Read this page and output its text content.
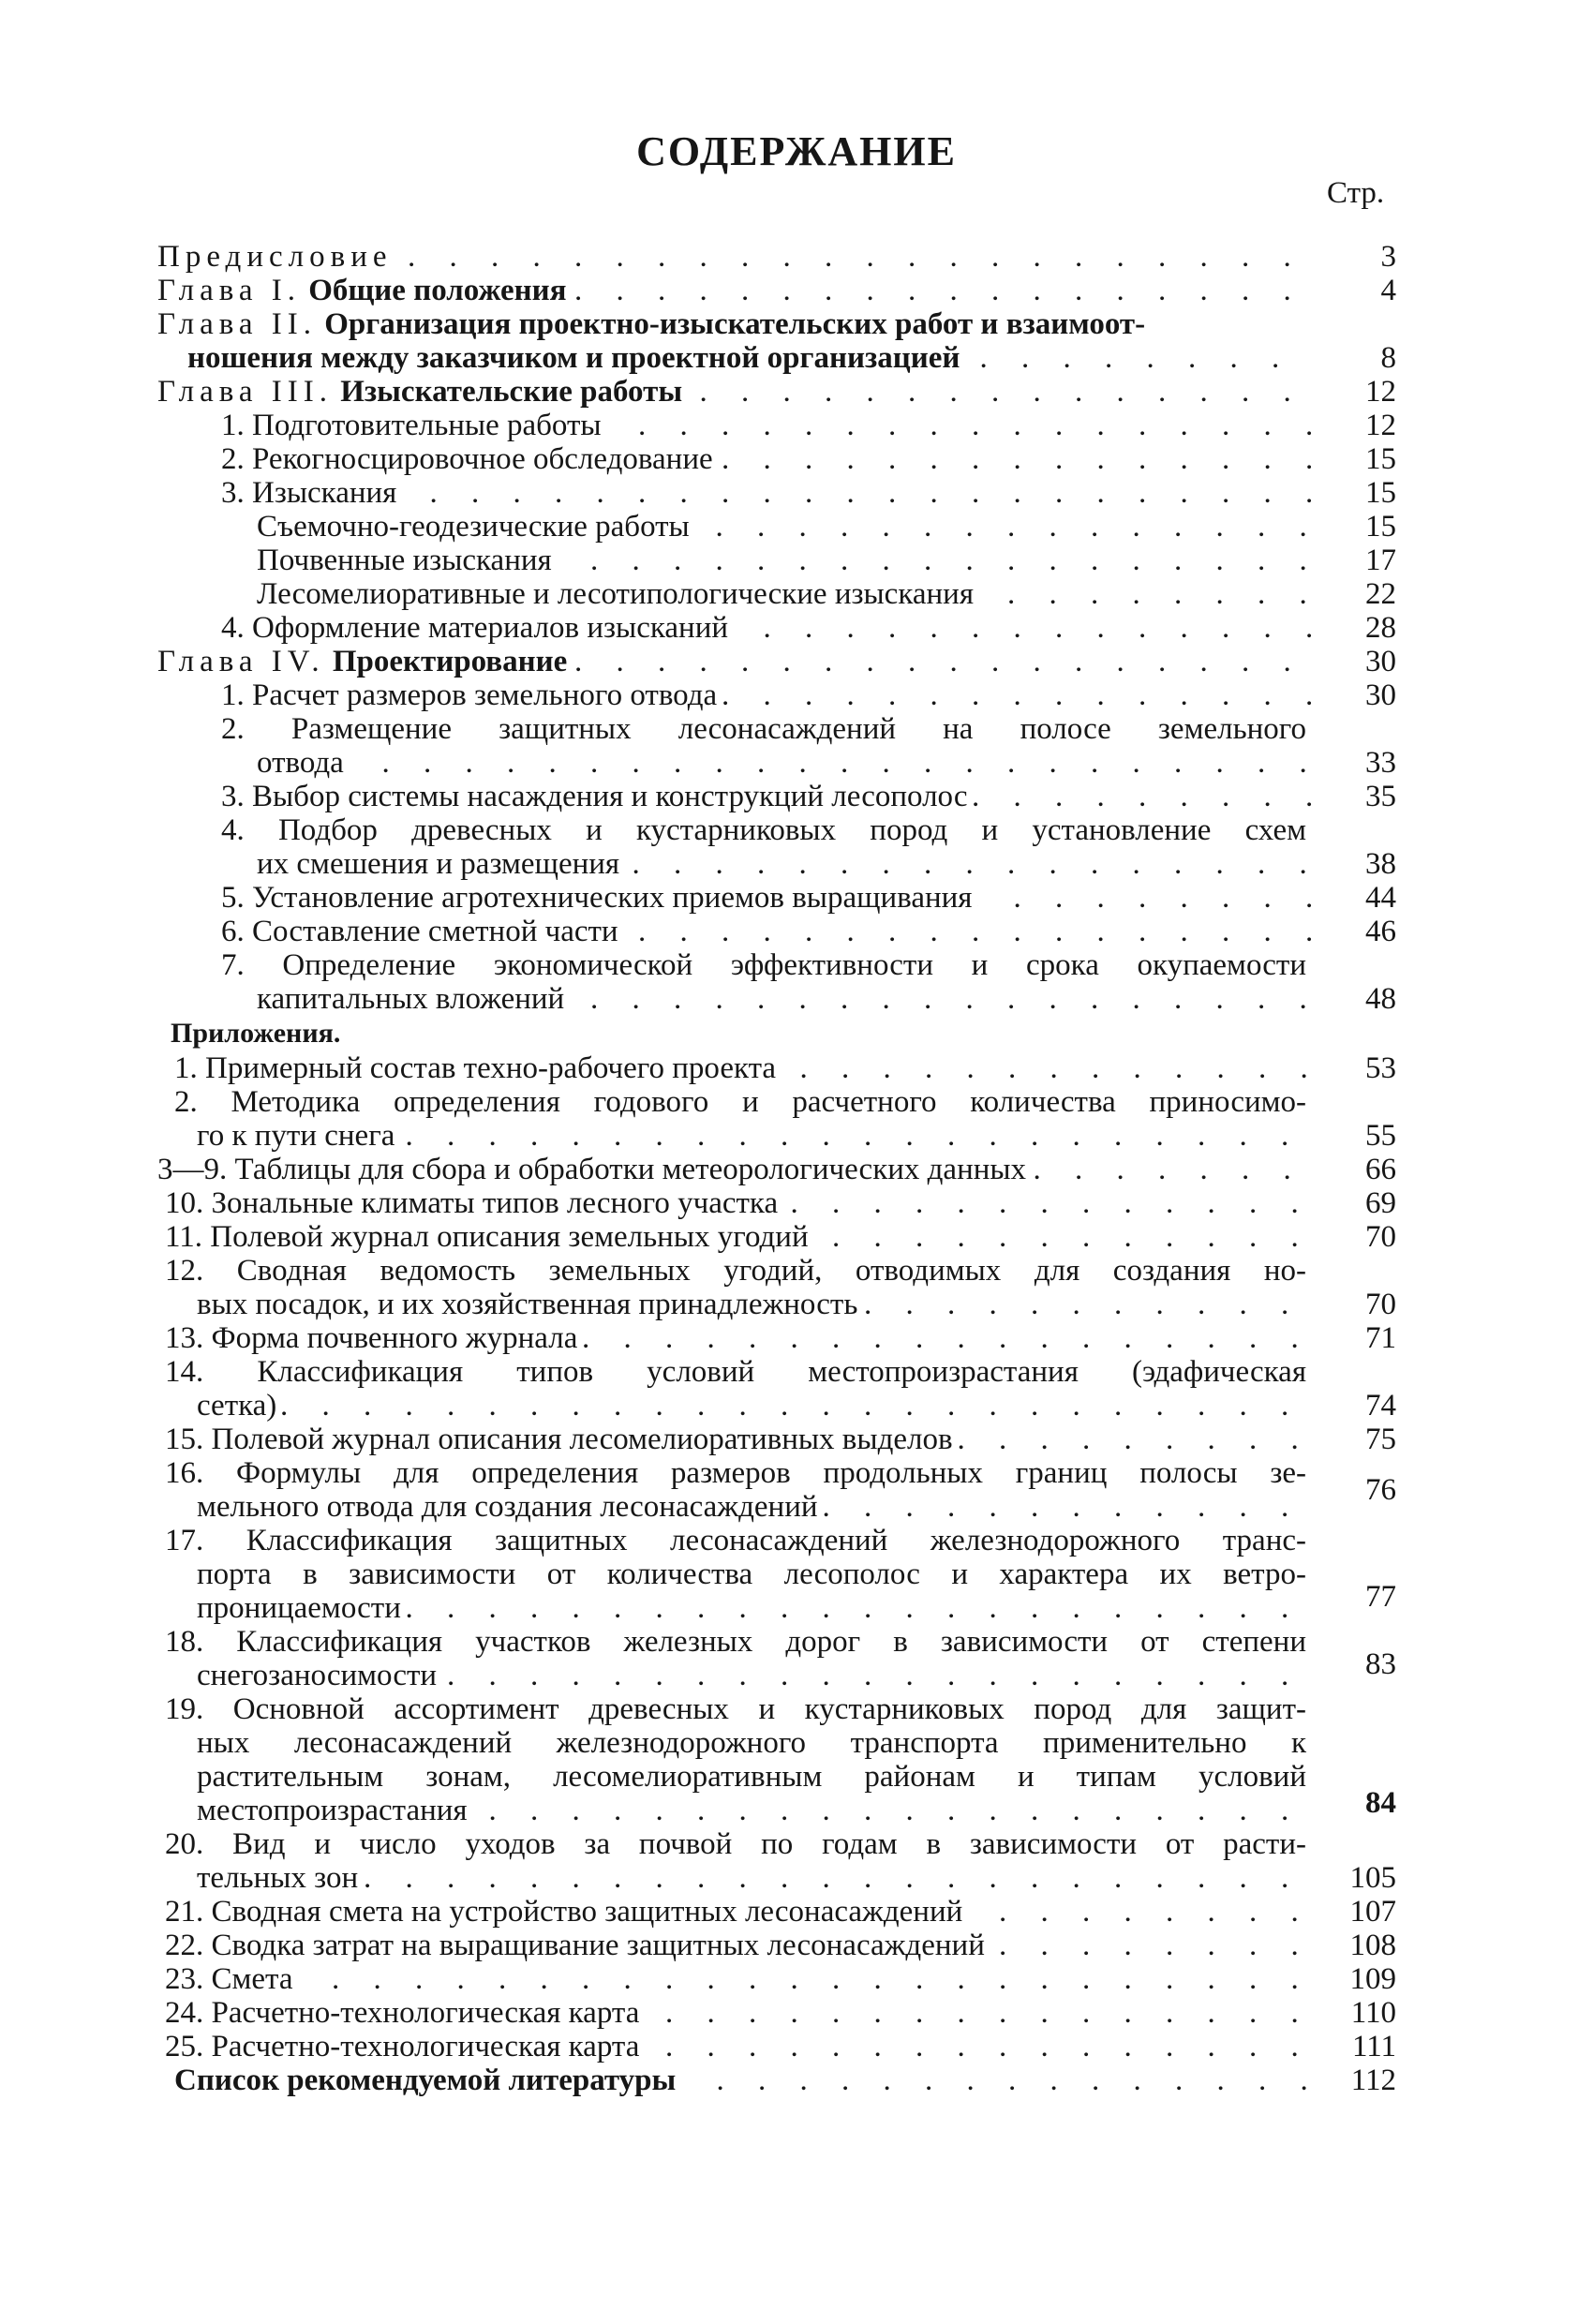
СОДЕРЖАНИЕ
Стр.
Предисловие . . .	3
Глава I. Общие положения . . .	4
Глава II. Организация проектно-изыскательских работ и взаимоот-
ношения между заказчиком и проектной организацией . . .	8
Глава III. Изыскательские работы . . .	12
1. Подготовительные работы . . .	12
2. Рекогносцировочное обследование . . .	15
3. Изыскания . . .	15
Съемочно-геодезические работы . . .	15
Почвенные изыскания . . .	17
Лесомелиоративные и лесотипологические изыскания . . .	22
4. Оформление материалов изысканий . . .	28
Глава IV. Проектирование . . .	30
1. Расчет размеров земельного отвода . . .	30
2. Размещение защитных лесонасаждений на полосе земельного
отвода . . .	33
3. Выбор системы насаждения и конструкций лесополос . . .	35
4. Подбор древесных и кустарниковых пород и установление схем
их смешения и размещения . . .	38
5. Установление агротехнических приемов выращивания . . .	44
6. Составление сметной части . . .	46
7. Определение экономической эффективности и срока окупаемости
капитальных вложений . . .	48
Приложения.
1. Примерный состав техно-рабочего проекта . . .	53
2. Методика определения годового и расчетного количества приносимо-
го к пути снега . . .	55
3—9. Таблицы для сбора и обработки метеорологических данных . . .	66
10. Зональные климаты типов лесного участка . . .	69
11. Полевой журнал описания земельных угодий . . .	70
12. Сводная ведомость земельных угодий, отводимых для создания но-
вых посадок, и их хозяйственная принадлежность . . .	70
13. Форма почвенного журнала . . .	71
14. Классификация типов условий местопроизрастания (эдафическая
сетка) . . .	74
15. Полевой журнал описания лесомелиоративных выделов . . .	75
16. Формулы для определения размеров продольных границ полосы зе-
мельного отвода для создания лесонасаждений . . .	76
17. Классификация защитных лесонасаждений железнодорожного транс-
порта в зависимости от количества лесополос и характера их ветро-
проницаемости . . .	77
18. Классификация участков железных дорог в зависимости от степени
снегозаносимости . . .	83
19. Основной ассортимент древесных и кустарниковых пород для защит-
ных лесонасаждений железнодорожного транспорта применительно к
растительным зонам, лесомелиоративным районам и типам условий
местопроизрастания . . .	84
20. Вид и число уходов за почвой по годам в зависимости от расти-
тельных зон . . .	105
21. Сводная смета на устройство защитных лесонасаждений . . .	107
22. Сводка затрат на выращивание защитных лесонасаждений . . .	108
23. Смета . . .	109
24. Расчетно-технологическая карта . . .	110
25. Расчетно-технологическая карта . . .	111
Список рекомендуемой литературы . . .	112
